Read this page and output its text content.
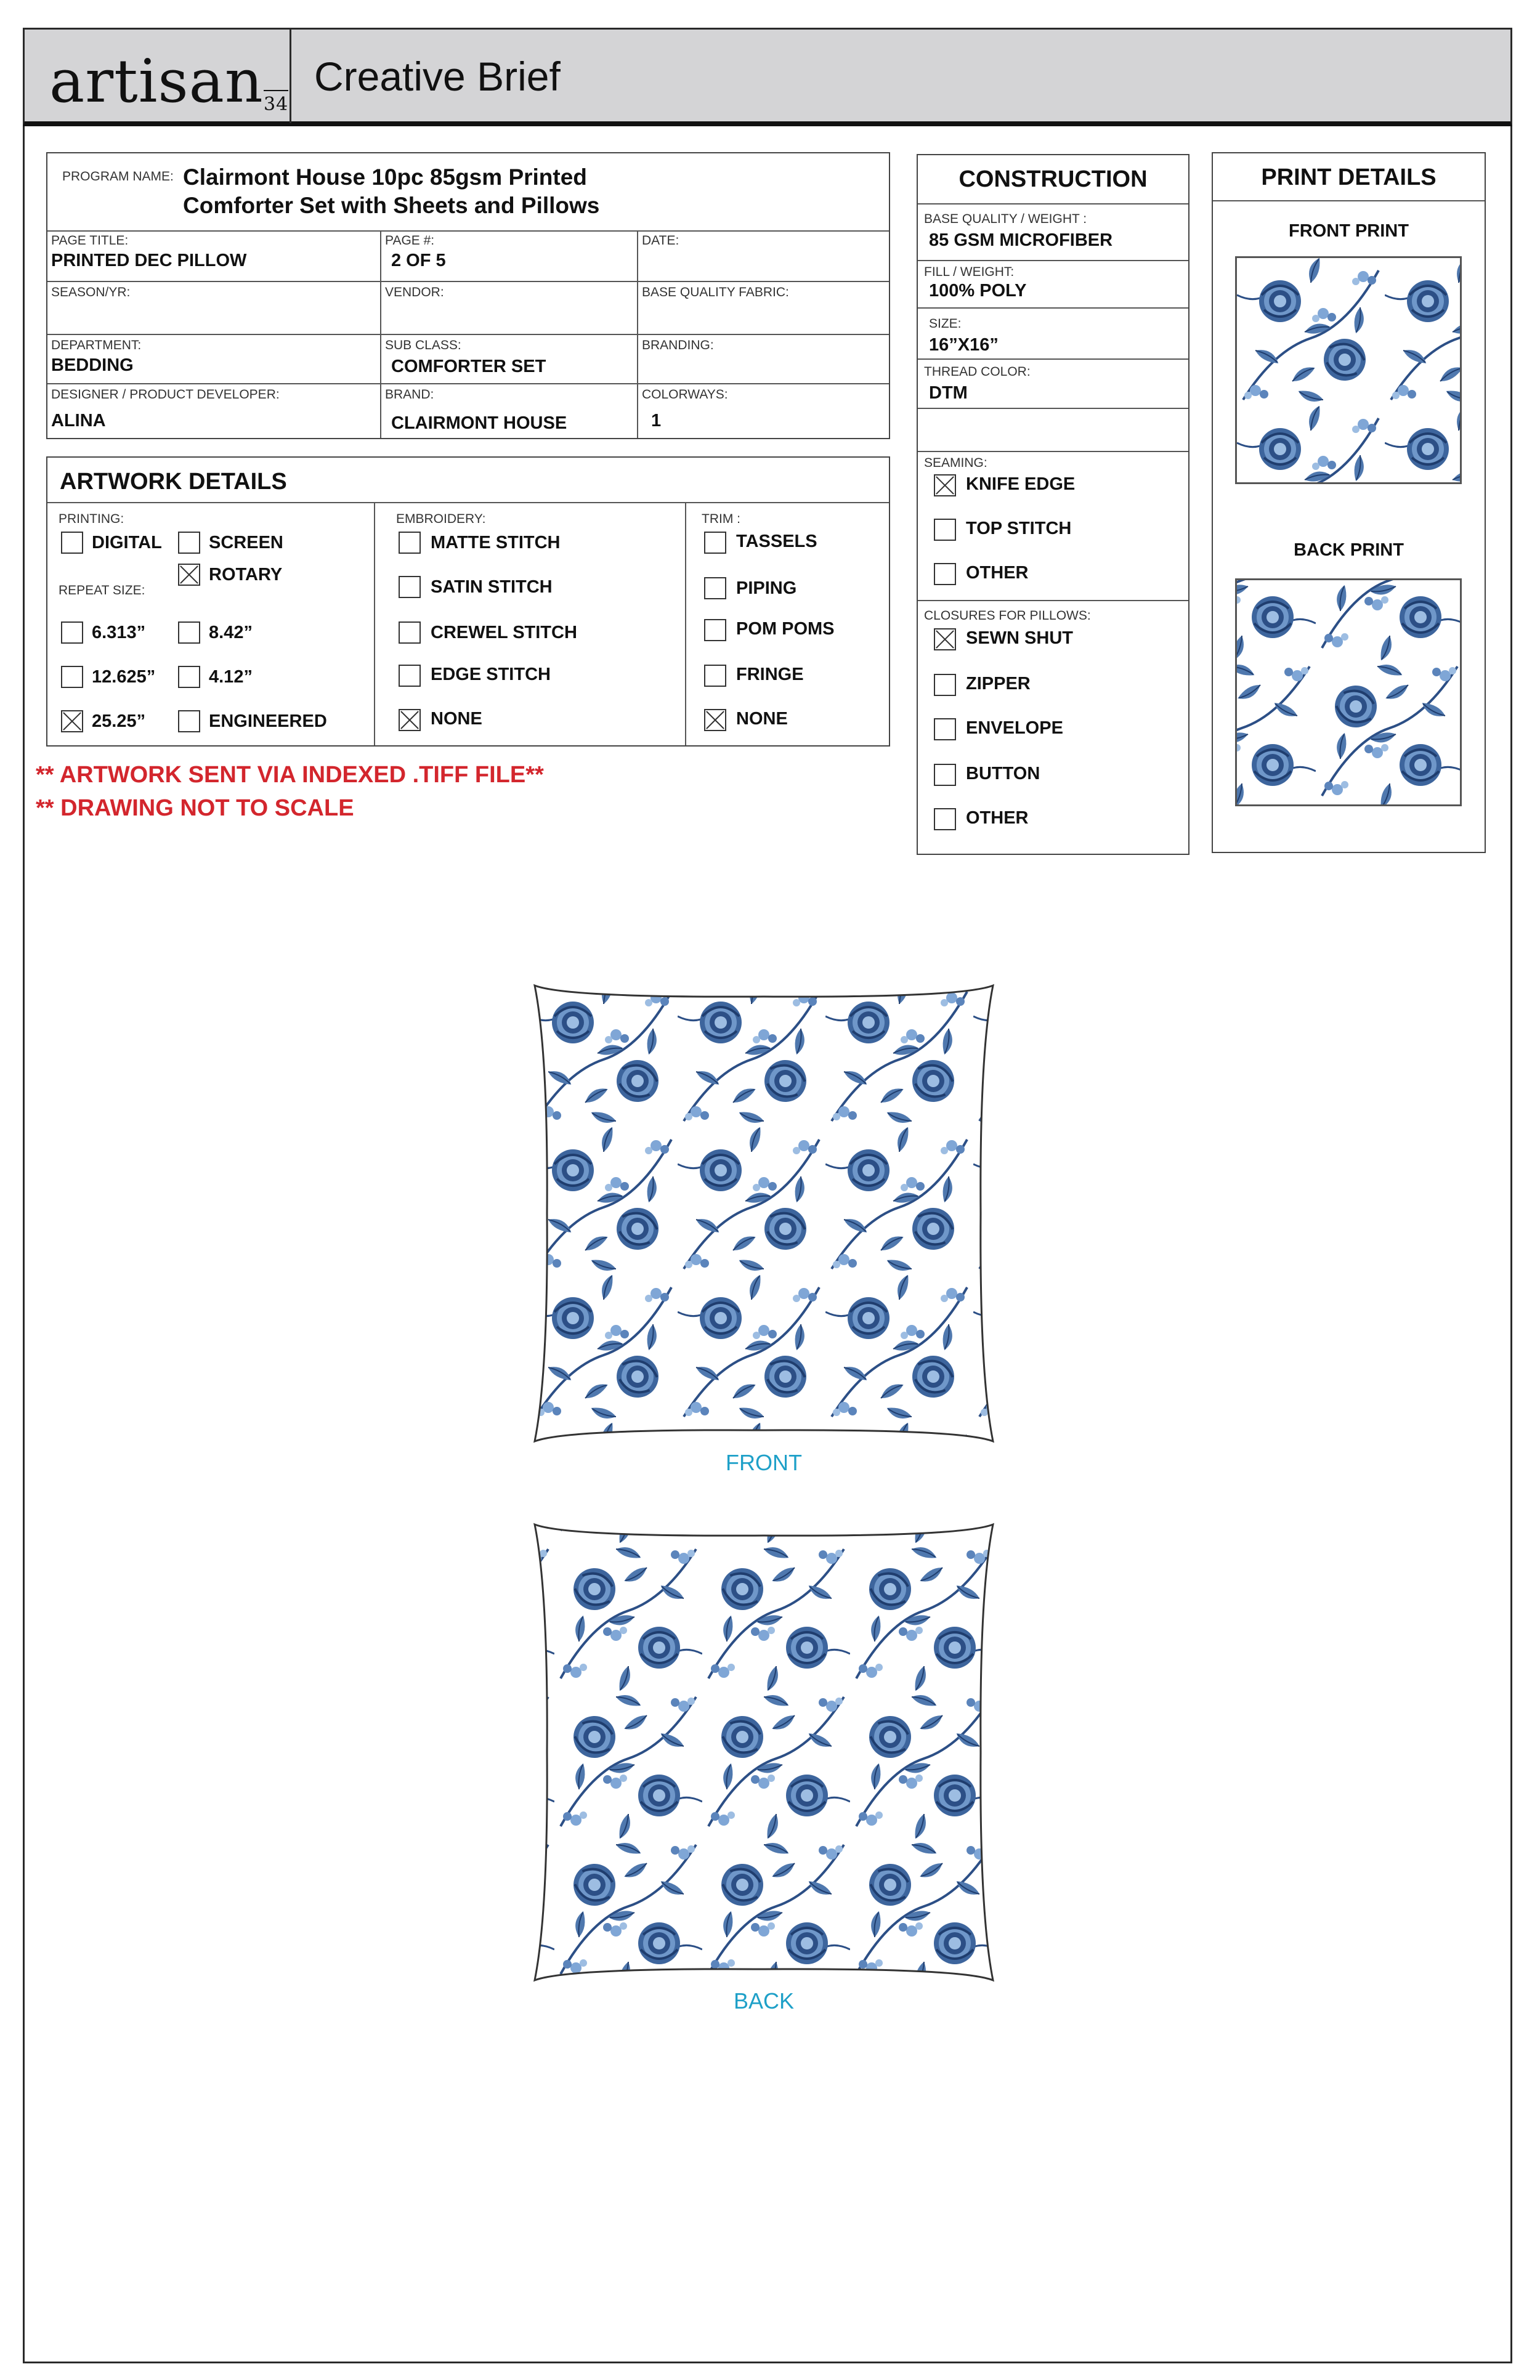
artisan 34
Creative Brief
PROGRAM NAME: Clairmont House 10pc 85gsm Printed
Comforter Set with Sheets and Pillows
PAGE TITLE:
PRINTED DEC PILLOW
PAGE #:
2 OF 5
DATE:
SEASON/YR:	VENDOR:	BASE QUALITY FABRIC:
DEPARTMENT:
BEDDING
SUB CLASS:
COMFORTER SET
BRANDING:
DESIGNER / PRODUCT DEVELOPER:
ALINA
BRAND:
CLAIRMONT HOUSE
COLORWAYS:
1
ARTWORK DETAILS
PRINTING:
DIGITAL	SCREEN
ROTARY
REPEAT SIZE:
6.313”	8.42”
12.625”	4.12”
25.25”	ENGINEERED
EMBROIDERY:
MATTE STITCH
SATIN STITCH
CREWEL STITCH
EDGE STITCH
NONE
TRIM :
TASSELS
PIPING
POM POMS
FRINGE
NONE
** ARTWORK SENT VIA INDEXED .TIFF FILE**
** DRAWING NOT TO SCALE
CONSTRUCTION
BASE QUALITY / WEIGHT :
85 GSM MICROFIBER
FILL / WEIGHT:
100% POLY
SIZE:
16”X16”
THREAD COLOR:
DTM
SEAMING:
KNIFE EDGE
TOP STITCH
OTHER
CLOSURES FOR PILLOWS:
SEWN SHUT
ZIPPER
ENVELOPE
BUTTON
OTHER
PRINT DETAILS
FRONT PRINT
BACK PRINT
FRONT
BACK
